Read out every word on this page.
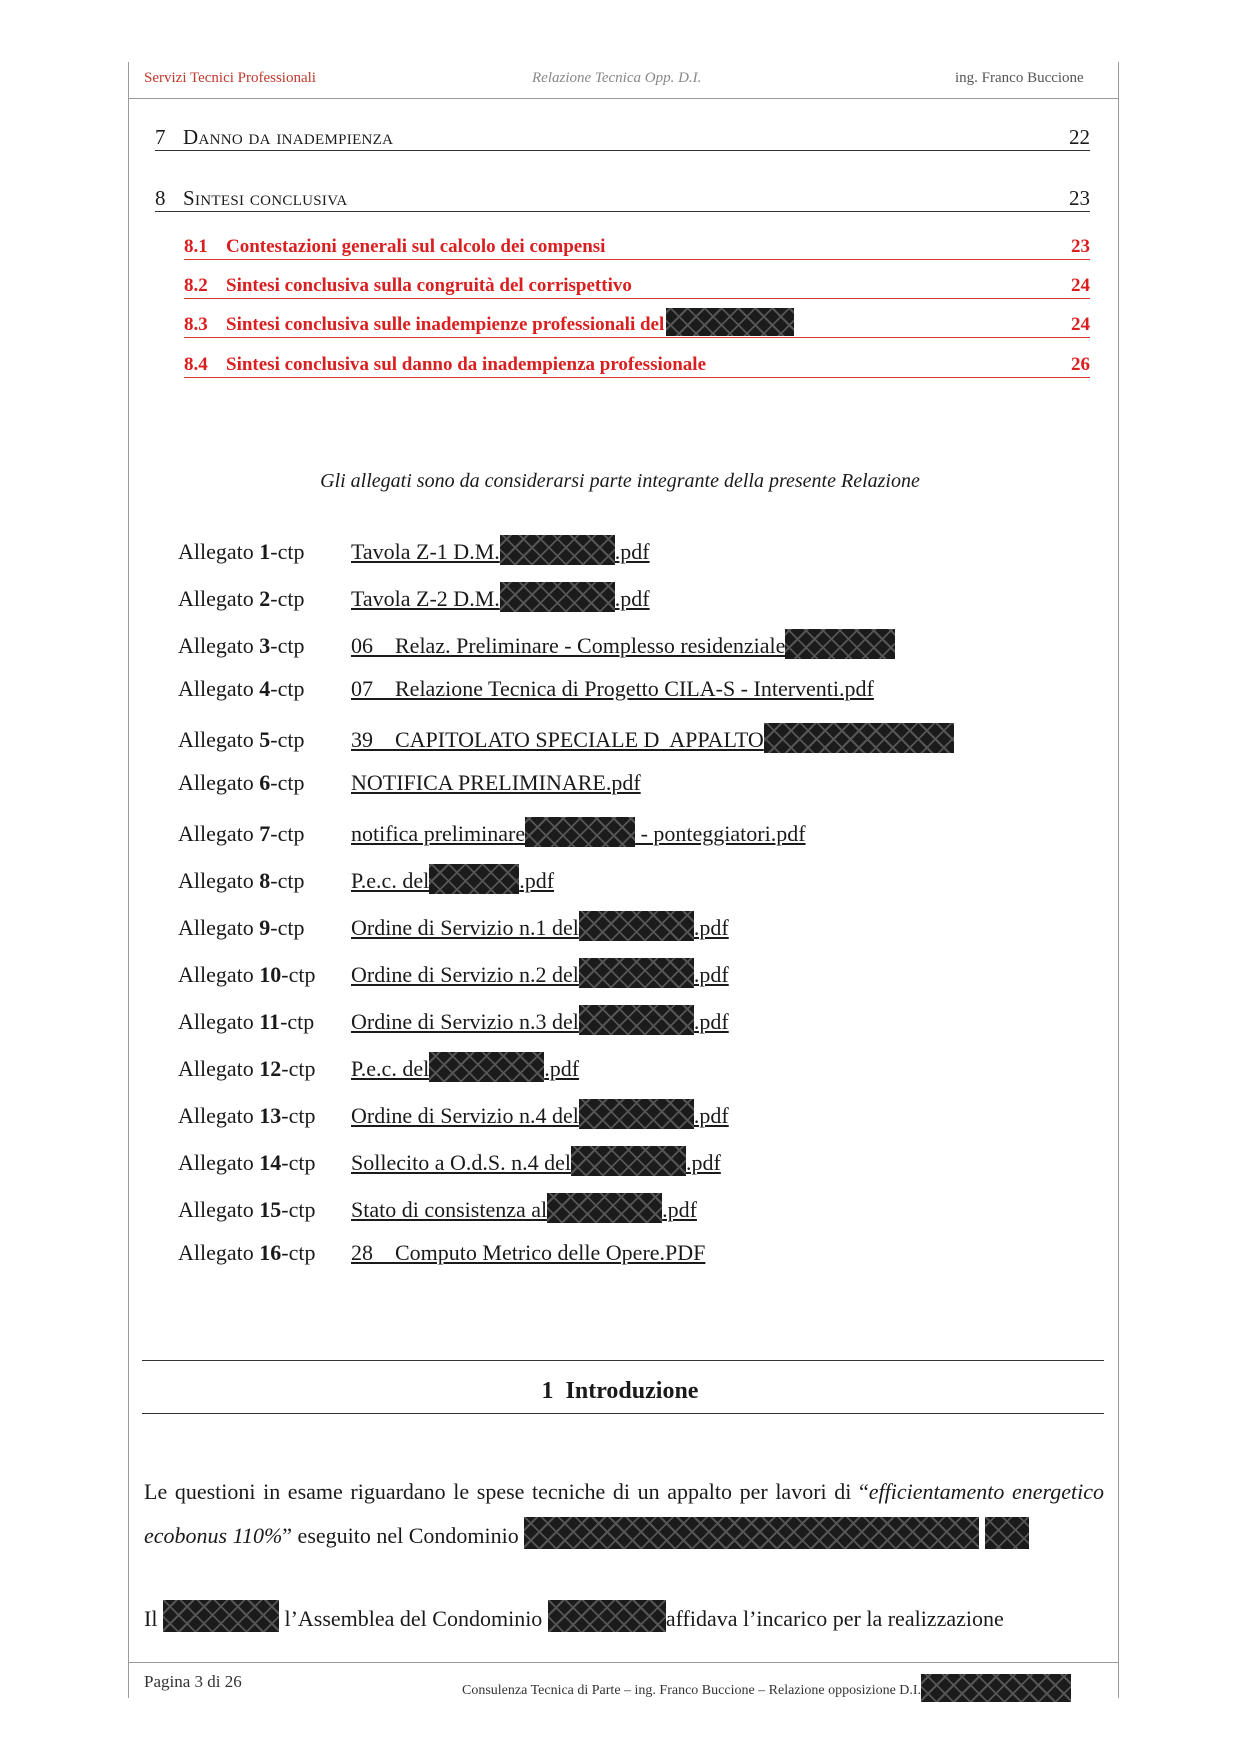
Servizi Tecnici Professionali	Relazione Tecnica Opp. D.I.	ing. Franco Buccione
7 Danno da inadempienza	22
8 Sintesi conclusiva	23
8.1 Contestazioni generali sul calcolo dei compensi	23
8.2 Sintesi conclusiva sulla congruità del corrispettivo	24
8.3 Sintesi conclusiva sulle inadempienze professionali del	24
8.4 Sintesi conclusiva sul danno da inadempienza professionale	26
Gli allegati sono da considerarsi parte integrante della presente Relazione
Allegato 1-ctp Tavola Z-1 D.M.	.pdf
Allegato 2-ctp Tavola Z-2 D.M.	.pdf
Allegato 3-ctp 06    Relaz. Preliminare - Complesso residenziale
Allegato 4-ctp 07    Relazione Tecnica di Progetto CILA-S - Interventi.pdf
Allegato 5-ctp 39    CAPITOLATO SPECIALE D  APPALTO
Allegato 6-ctp NOTIFICA PRELIMINARE.pdf
Allegato 7-ctp notifica preliminare	- ponteggiatori.pdf
Allegato 8-ctp P.e.c. del	.pdf
Allegato 9-ctp Ordine di Servizio n.1 del	.pdf
Allegato 10-ctp Ordine di Servizio n.2 del	.pdf
Allegato 11-ctp Ordine di Servizio n.3 del	.pdf
Allegato 12-ctp P.e.c. del	.pdf
Allegato 13-ctp Ordine di Servizio n.4 del	.pdf
Allegato 14-ctp Sollecito a O.d.S. n.4 del	.pdf
Allegato 15-ctp Stato di consistenza al	.pdf
Allegato 16-ctp 28    Computo Metrico delle Opere.PDF
1 Introduzione
Le questioni in esame riguardano le spese tecniche di un appalto per lavori di “efficientamento energetico ecobonus 110%” eseguito nel Condominio
Il	l’Assemblea del Condominio	affidava l’incarico per la realizzazione
Pagina 3 di 26	Consulenza Tecnica di Parte – ing. Franco Buccione – Relazione opposizione D.I.
